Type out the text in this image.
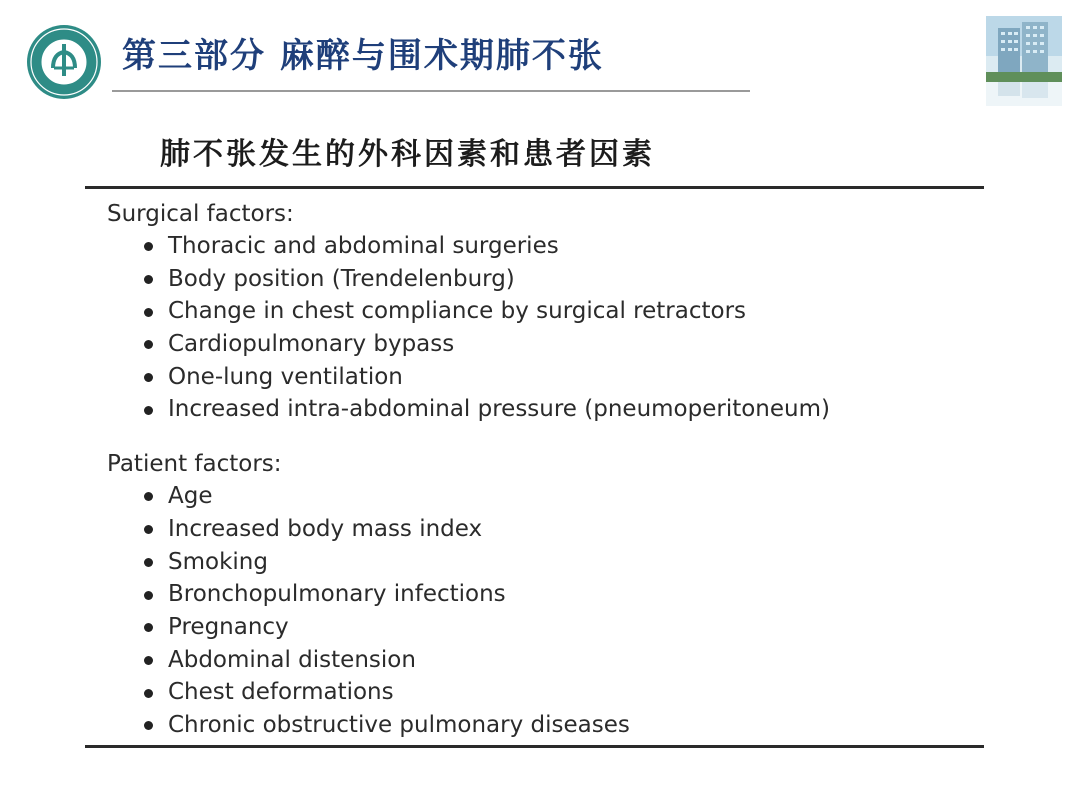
第三部分 麻醉与围术期肺不张
肺不张发生的外科因素和患者因素
Surgical factors:
Thoracic and abdominal surgeries
Body position (Trendelenburg)
Change in chest compliance by surgical retractors
Cardiopulmonary bypass
One-lung ventilation
Increased intra-abdominal pressure (pneumoperitoneum)
Patient factors:
Age
Increased body mass index
Smoking
Bronchopulmonary infections
Pregnancy
Abdominal distension
Chest deformations
Chronic obstructive pulmonary diseases
